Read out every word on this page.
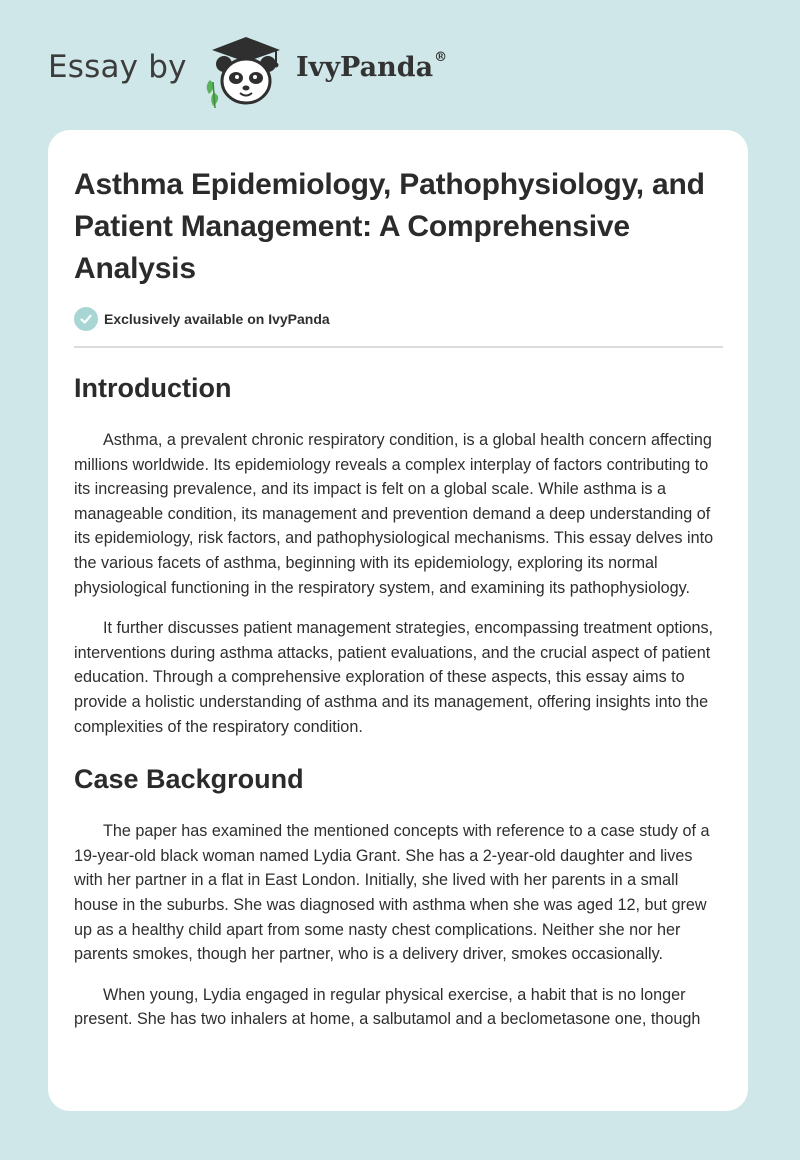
Essay by	IvyPanda®
Asthma Epidemiology, Pathophysiology, and Patient Management: A Comprehensive Analysis
Exclusively available on IvyPanda
Introduction

Asthma, a prevalent chronic respiratory condition, is a global health concern affecting millions worldwide. Its epidemiology reveals a complex interplay of factors contributing to its increasing prevalence, and its impact is felt on a global scale. While asthma is a manageable condition, its management and prevention demand a deep understanding of its epidemiology, risk factors, and pathophysiological mechanisms. This essay delves into the various facets of asthma, beginning with its epidemiology, exploring its normal physiological functioning in the respiratory system, and examining its pathophysiology.

It further discusses patient management strategies, encompassing treatment options, interventions during asthma attacks, patient evaluations, and the crucial aspect of patient education. Through a comprehensive exploration of these aspects, this essay aims to provide a holistic understanding of asthma and its management, offering insights into the complexities of the respiratory condition.

Case Background

The paper has examined the mentioned concepts with reference to a case study of a 19-year-old black woman named Lydia Grant. She has a 2-year-old daughter and lives with her partner in a flat in East London. Initially, she lived with her parents in a small house in the suburbs. She was diagnosed with asthma when she was aged 12, but grew up as a healthy child apart from some nasty chest complications. Neither she nor her parents smokes, though her partner, who is a delivery driver, smokes occasionally.

When young, Lydia engaged in regular physical exercise, a habit that is no longer present. She has two inhalers at home, a salbutamol and a beclometasone one, though
